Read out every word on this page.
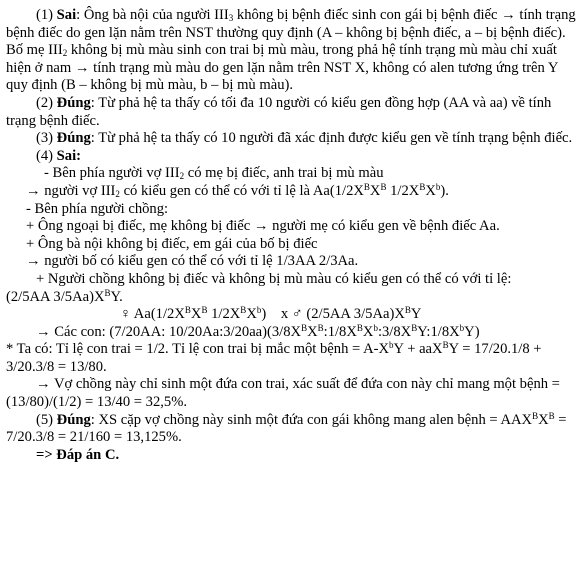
(1) Sai: Ông bà nội của người $III_3$ không bị bệnh điếc sinh con gái bị bệnh điếc → tính trạng bệnh điếc do gen lặn nằm trên NST thường quy định (A – không bị bệnh điếc, a – bị bệnh điếc). Bố mẹ $III_2$ không bị mù màu sinh con trai bị mù màu, trong phả hệ tính trạng mù màu chỉ xuất hiện ở nam → tính trạng mù màu do gen lặn nằm trên NST X, không có alen tương ứng trên Y quy định (B – không bị mù màu, b – bị mù màu).

(2) Đúng: Từ phả hệ ta thấy có tối đa 10 người có kiểu gen đồng hợp (AA và aa) về tính trạng bệnh điếc.

(3) Đúng: Từ phả hệ ta thấy có 10 người đã xác định được kiểu gen về tính trạng bệnh điếc.

(4) Sai:

- Bên phía người vợ $III_2$ có mẹ bị điếc, anh trai bị mù màu

→ người vợ $III_2$ có kiểu gen có thể có với tỉ lệ là $Aa(1/2X^BX^B$ $1/2X^BX^b$).

- Bên phía người chồng:

+ Ông ngoại bị điếc, mẹ không bị điếc → người mẹ có kiểu gen về bệnh điếc Aa.

+ Ông bà nội không bị điếc, em gái của bố bị điếc

→ người bố có kiểu gen có thể có với tỉ lệ 1/3AA 2/3Aa.

+ Người chồng không bị điếc và không bị mù màu có kiểu gen có thể có với tỉ lệ:

(2/5AA $3/5Aa)X^BY$.

♀ $Aa(1/2X^BX^B$ $1/2X^BX^b$)    x ♂ (2/5AA $3/5Aa)X^BY$

→ Các con: (7/20AA: $10/20Aa:3/20aa)(3/8X^BX^B:1/8X^BX^b:3/8X^BY:1/8X^bY)$

* Ta có: Tỉ lệ con trai = 1/2. Tỉ lệ con trai bị mắc một bệnh = $A-X^bY + aaX^BY = 17/20.1/8 + 3/20.3/8 = 13/80$.

→ Vợ chồng này chỉ sinh một đứa con trai, xác suất để đứa con này chỉ mang một bệnh = (13/80)/(1/2) = 13/40 = 32,5%.

(5) Đúng: XS cặp vợ chồng này sinh một đứa con gái không mang alen bệnh = $AAX^BX^B = 7/20.3/8 = 21/160 = 13,125\%$.

=> Đáp án C.
